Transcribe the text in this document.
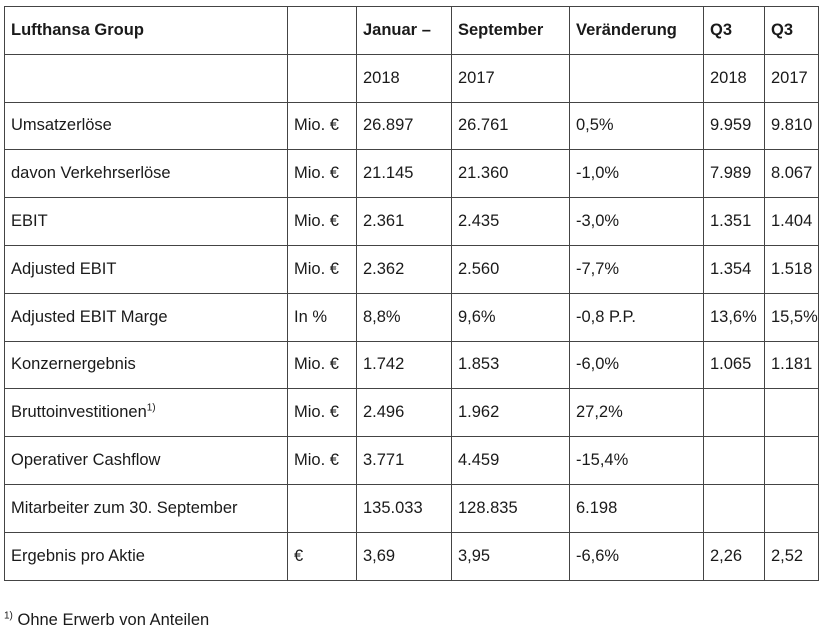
Lufthansa Group		Januar –	September	Veränderung	Q3	Q3
		2018	2017		2018	2017
Umsatzerlöse	Mio. €	26.897	26.761	0,5%	9.959	9.810
davon Verkehrserlöse	Mio. €	21.145	21.360	-1,0%	7.989	8.067
EBIT	Mio. €	2.361	2.435	-3,0%	1.351	1.404
Adjusted EBIT	Mio. €	2.362	2.560	-7,7%	1.354	1.518
Adjusted EBIT Marge	In %	8,8%	9,6%	-0,8 P.P.	13,6%	15,5%
Konzernergebnis	Mio. €	1.742	1.853	-6,0%	1.065	1.181
Bruttoinvestitionen$^{1)}$	Mio. €	2.496	1.962	27,2%		
Operativer Cashflow	Mio. €	3.771	4.459	-15,4%		
Mitarbeiter zum 30. September		135.033	128.835	6.198		
Ergebnis pro Aktie	€	3,69	3,95	-6,6%	2,26	2,52
$^{1)}$ Ohne Erwerb von Anteilen
